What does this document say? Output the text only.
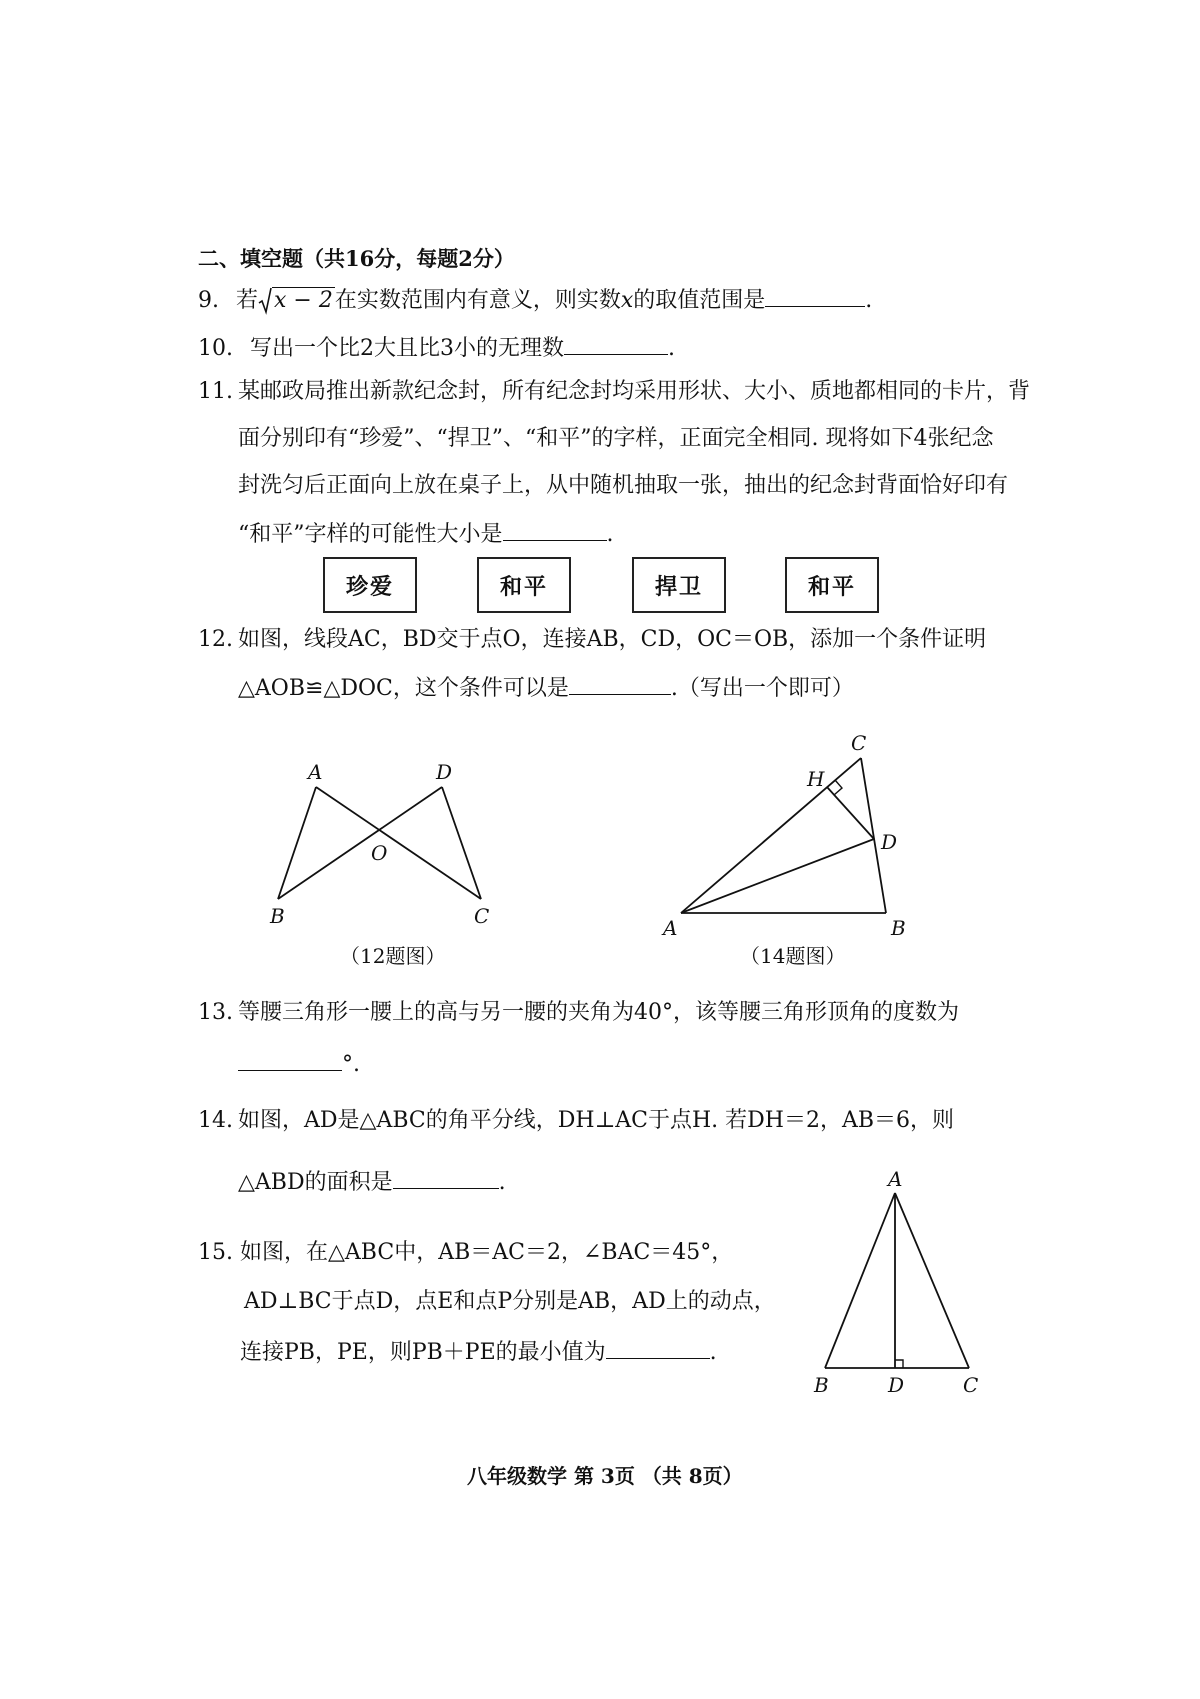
二、填空题（共16分，每题2分）
9. 若 x − 2在实数范围内有意义，则实数x的取值范围是	.
10. 写出一个比2大且比3小的无理数	.
11. 某邮政局推出新款纪念封，所有纪念封均采用形状、大小、质地都相同的卡片，背
面分别印有“珍爱”、“捍卫”、“和平”的字样，正面完全相同. 现将如下4张纪念
封洗匀后正面向上放在桌子上，从中随机抽取一张，抽出的纪念封背面恰好印有
“和平”字样的可能性大小是	.
珍爱	和平	捍卫	和平
12. 如图，线段AC，BD交于点O，连接AB，CD，OC＝OB，添加一个条件证明
△AOB≌△DOC，这个条件可以是	.（写出一个即可）
A	D
O
B	C
（12题图）
C
H
D
A	B
（14题图）
13. 等腰三角形一腰上的高与另一腰的夹角为40°，该等腰三角形顶角的度数为
°.
14. 如图，AD是△ABC的角平分线，DH⊥AC于点H. 若DH＝2，AB＝6，则
△ABD的面积是	.
15. 如图，在△ABC中，AB＝AC＝2，∠BAC＝45°，
AD⊥BC于点D，点E和点P分别是AB，AD上的动点，
连接PB，PE，则PB＋PE的最小值为	.
A
B	D	C
八年级数学 第 3页 （共 8页）
